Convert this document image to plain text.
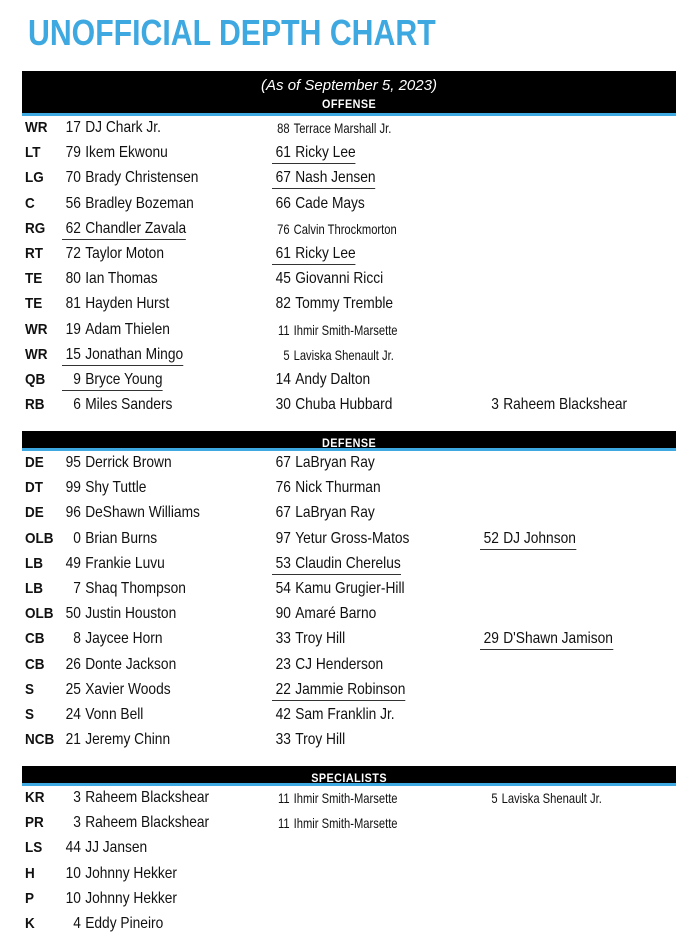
UNOFFICIAL DEPTH CHART
(As of September 5, 2023)
OFFENSE
WR 17 DJ Chark Jr.	88 Terrace Marshall Jr.
LT 79 Ikem Ekwonu	61 Ricky Lee
LG 70 Brady Christensen	67 Nash Jensen
C 56 Bradley Bozeman	66 Cade Mays
RG 62 Chandler Zavala	76 Calvin Throckmorton
RT 72 Taylor Moton	61 Ricky Lee
TE 80 Ian Thomas	45 Giovanni Ricci
TE 81 Hayden Hurst	82 Tommy Tremble
WR 19 Adam Thielen	11 Ihmir Smith-Marsette
WR 15 Jonathan Mingo	5 Laviska Shenault Jr.
QB	9 Bryce Young	14 Andy Dalton
RB	6 Miles Sanders	30 Chuba Hubbard	3 Raheem Blackshear
DEFENSE
DE 95 Derrick Brown	67 LaBryan Ray
DT 99 Shy Tuttle	76 Nick Thurman
DE 96 DeShawn Williams	67 LaBryan Ray
OLB	0 Brian Burns	97 Yetur Gross-Matos	52 DJ Johnson
LB 49 Frankie Luvu	53 Claudin Cherelus
LB	7 Shaq Thompson	54 Kamu Grugier-Hill
OLB 50 Justin Houston	90 Amaré Barno
CB	8 Jaycee Horn	33 Troy Hill	29 D'Shawn Jamison
CB 26 Donte Jackson	23 CJ Henderson
S 25 Xavier Woods	22 Jammie Robinson
S 24 Vonn Bell	42 Sam Franklin Jr.
NCB 21 Jeremy Chinn	33 Troy Hill
SPECIALISTS
KR	3 Raheem Blackshear	11 Ihmir Smith-Marsette	5 Laviska Shenault Jr.
PR	3 Raheem Blackshear	11 Ihmir Smith-Marsette
LS 44 JJ Jansen
H 10 Johnny Hekker
P 10 Johnny Hekker
K	4 Eddy Pineiro
